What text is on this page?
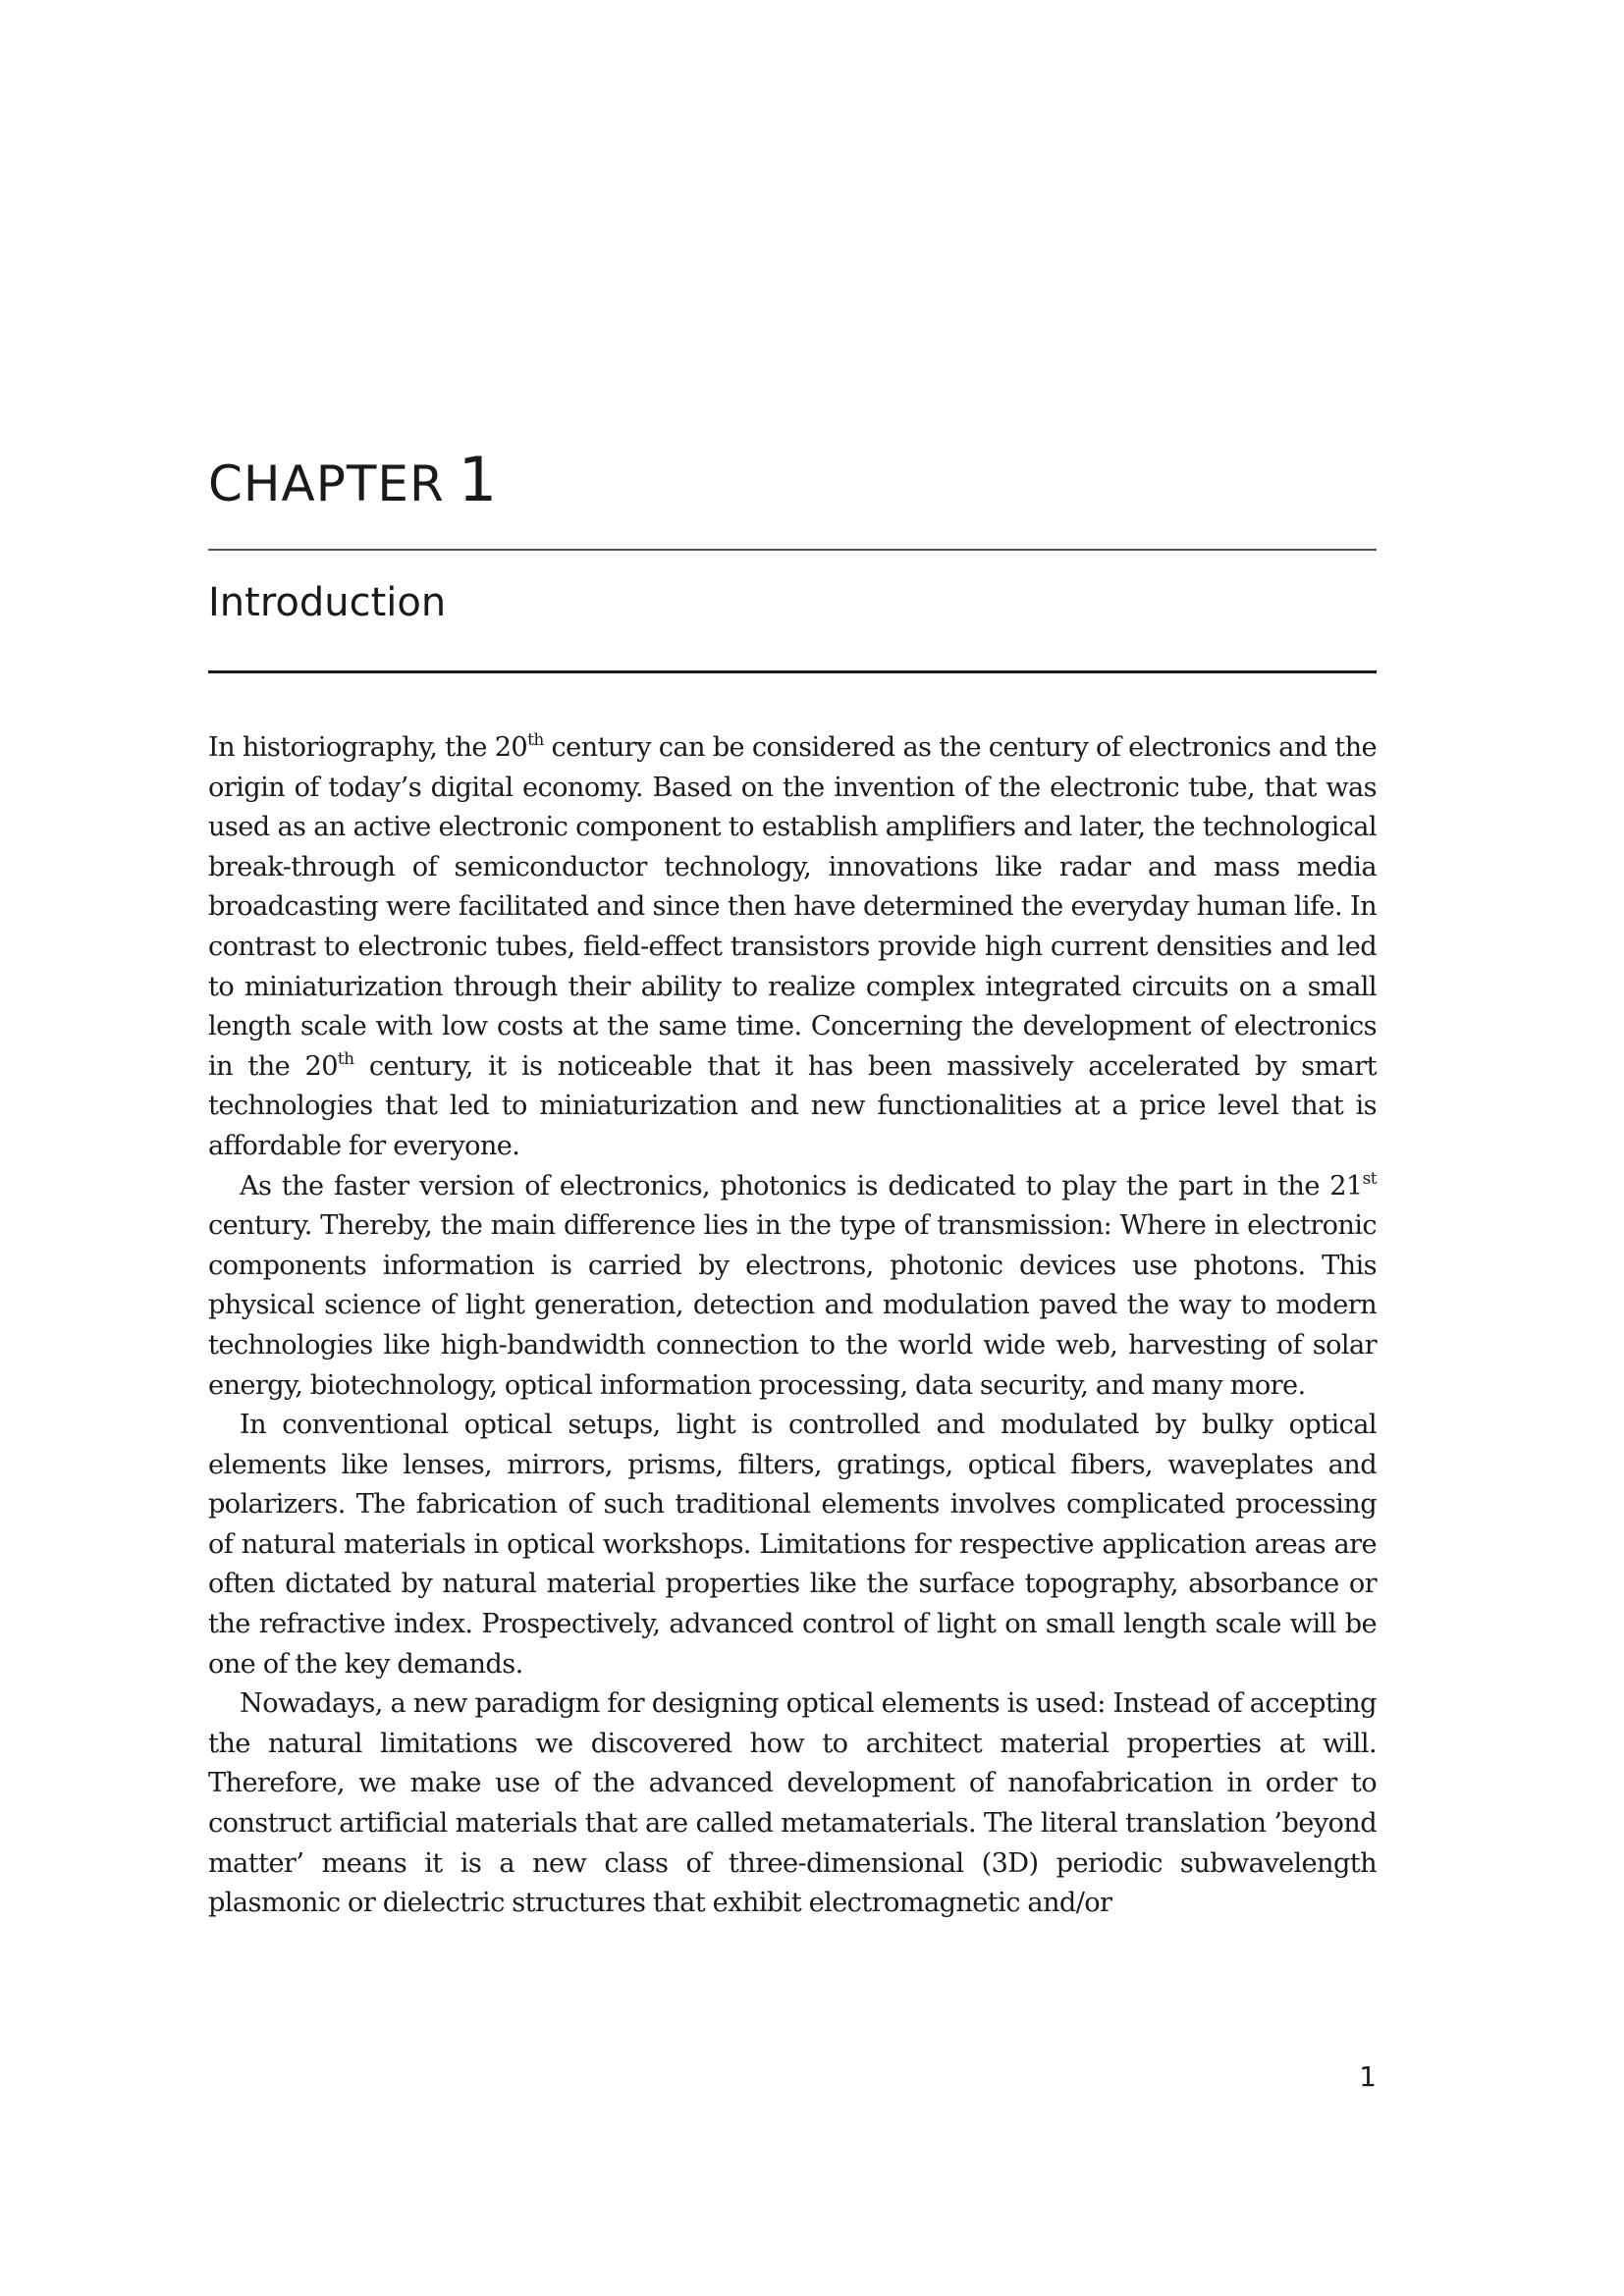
CHAPTER 1
Introduction

In historiography, the 20th century can be considered as the century of electronics and the origin of today’s digital economy. Based on the invention of the electronic tube, that was used as an active electronic component to establish amplifiers and later, the technological break-through of semiconductor technology, innovations like radar and mass media broadcasting were facilitated and since then have determined the everyday human life. In contrast to electronic tubes, field-effect transistors provide high current densities and led to miniaturization through their ability to realize complex integrated circuits on a small length scale with low costs at the same time. Concerning the development of electronics in the 20th century, it is noticeable that it has been massively accelerated by smart technologies that led to miniaturization and new functionalities at a price level that is affordable for everyone.

As the faster version of electronics, photonics is dedicated to play the part in the 21st century. Thereby, the main difference lies in the type of transmission: Where in electronic components information is carried by electrons, photonic devices use photons. This physical science of light generation, detection and modulation paved the way to modern technologies like high-bandwidth connection to the world wide web, harvesting of solar energy, biotechnology, optical information processing, data security, and many more.

In conventional optical setups, light is controlled and modulated by bulky optical elements like lenses, mirrors, prisms, filters, gratings, optical fibers, waveplates and polarizers. The fabrication of such traditional elements involves complicated processing of natural materials in optical workshops. Limitations for respective application areas are often dictated by natural material properties like the surface topography, absorbance or the refractive index. Prospectively, advanced control of light on small length scale will be one of the key demands.

Nowadays, a new paradigm for designing optical elements is used: Instead of accepting the natural limitations we discovered how to architect material properties at will. Therefore, we make use of the advanced development of nanofabrication in order to construct artificial materials that are called metamaterials. The literal translation ’beyond matter’ means it is a new class of three-dimensional (3D) periodic subwavelength plasmonic or dielectric structures that exhibit electromagnetic and/or

1
